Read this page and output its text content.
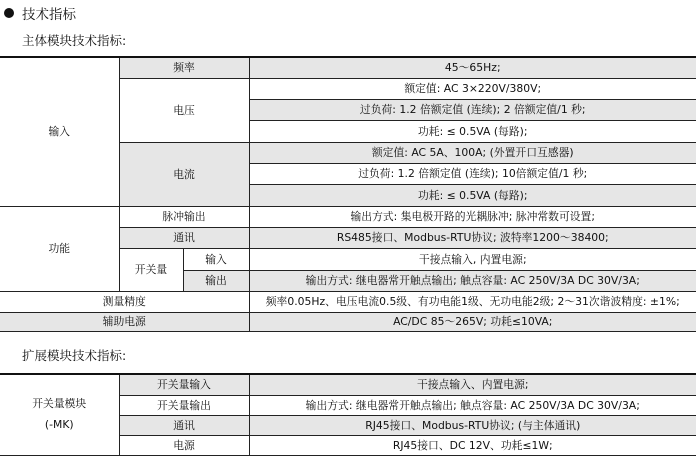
技术指标
主体模块技术指标:
输入	频率		45～65Hz;
	电压		额定值: AC 3×220V/380V;
			过负荷: 1.2 倍额定值 (连续); 2 倍额定值/1 秒;
			功耗: ≤ 0.5VA (每路);
	电流		额定值: AC 5A、100A; (外置开口互感器)
			过负荷: 1.2 倍额定值 (连续); 10倍额定值/1 秒;
			功耗: ≤ 0.5VA (每路);
功能	脉冲输出		输出方式: 集电极开路的光耦脉冲; 脉冲常数可设置;
	通讯		RS485接口、Modbus-RTU协议; 波特率1200～38400;
	开关量	输入	干接点输入, 内置电源;
		输出	输出方式: 继电器常开触点输出; 触点容量: AC 250V/3A DC 30V/3A;
测量精度			频率0.05Hz、电压电流0.5级、有功电能1级、无功电能2级; 2～31次谐波精度: ±1%;
辅助电源			AC/DC 85～265V; 功耗≤10VA;
扩展模块技术指标:
开关量模块
(-MK)	开关量输入	干接点输入、内置电源;
	开关量输出	输出方式: 继电器常开触点输出; 触点容量: AC 250V/3A DC 30V/3A;
	通讯	RJ45接口、Modbus-RTU协议; (与主体通讯)
	电源	RJ45接口、DC 12V、功耗≤1W;
